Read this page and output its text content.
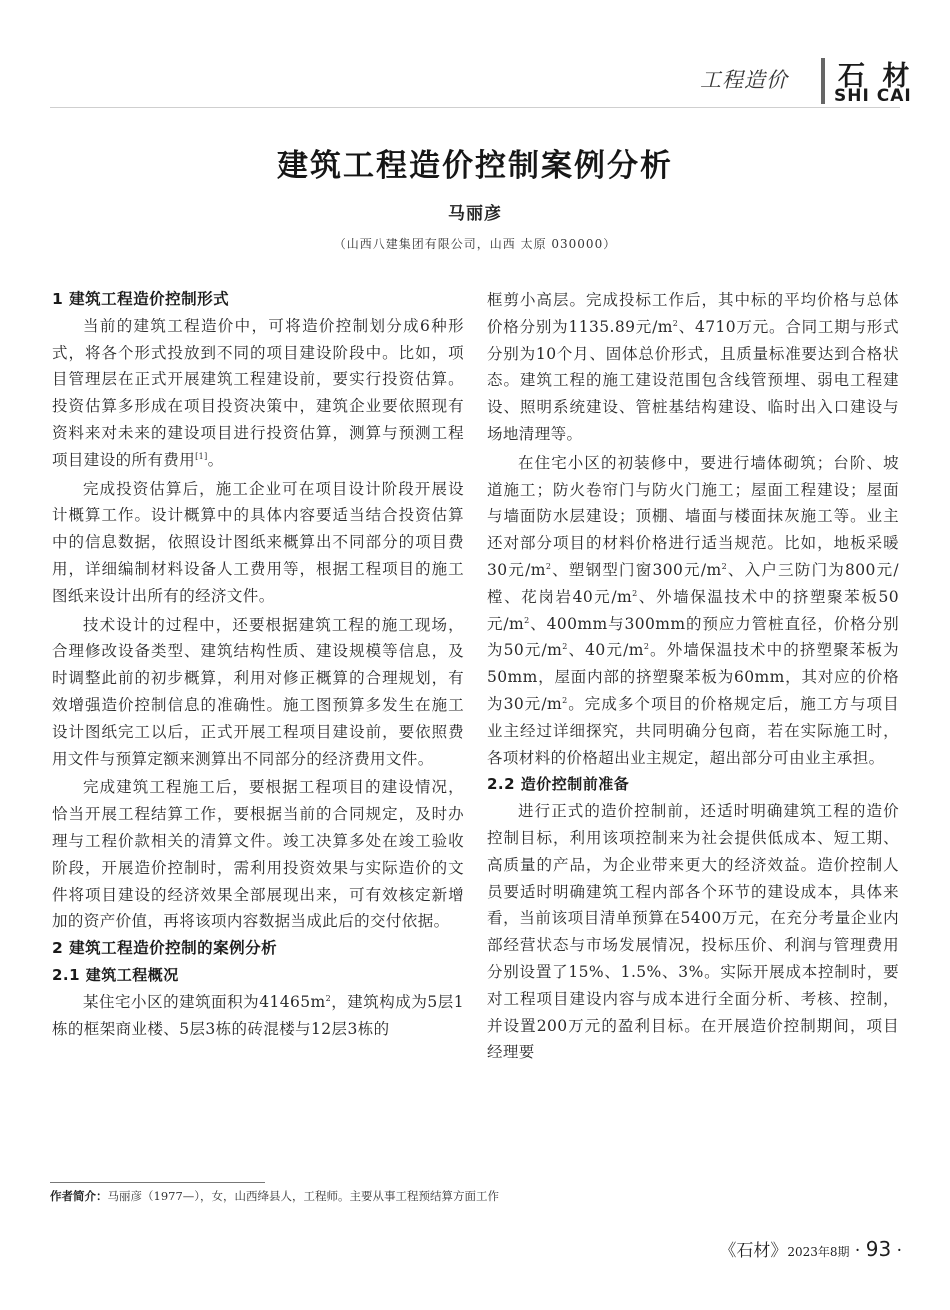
工程造价	石 材
SHI CAI
建筑工程造价控制案例分析
马丽彦
（山西八建集团有限公司，山西 太原 030000）
1 建筑工程造价控制形式

当前的建筑工程造价中，可将造价控制划分成6种形式，将各个形式投放到不同的项目建设阶段中。比如，项目管理层在正式开展建筑工程建设前，要实行投资估算。投资估算多形成在项目投资决策中，建筑企业要依照现有资料来对未来的建设项目进行投资估算，测算与预测工程项目建设的所有费用[1]。

完成投资估算后，施工企业可在项目设计阶段开展设计概算工作。设计概算中的具体内容要适当结合投资估算中的信息数据，依照设计图纸来概算出不同部分的项目费用，详细编制材料设备人工费用等，根据工程项目的施工图纸来设计出所有的经济文件。

技术设计的过程中，还要根据建筑工程的施工现场，合理修改设备类型、建筑结构性质、建设规模等信息，及时调整此前的初步概算，利用对修正概算的合理规划，有效增强造价控制信息的准确性。施工图预算多发生在施工设计图纸完工以后，正式开展工程项目建设前，要依照费用文件与预算定额来测算出不同部分的经济费用文件。

完成建筑工程施工后，要根据工程项目的建设情况，恰当开展工程结算工作，要根据当前的合同规定，及时办理与工程价款相关的清算文件。竣工决算多处在竣工验收阶段，开展造价控制时，需利用投资效果与实际造价的文件将项目建设的经济效果全部展现出来，可有效核定新增加的资产价值，再将该项内容数据当成此后的交付依据。

2 建筑工程造价控制的案例分析
2.1 建筑工程概况

某住宅小区的建筑面积为$41465m^2$，建筑构成为5层1栋的框架商业楼、5层3栋的砖混楼与12层3栋的

框剪小高层。完成投标工作后，其中标的平均价格与总体价格分别为1135.89元$/m^2$、4710万元。合同工期与形式分别为10个月、固体总价形式，且质量标准要达到合格状态。建筑工程的施工建设范围包含线管预埋、弱电工程建设、照明系统建设、管桩基结构建设、临时出入口建设与场地清理等。

在住宅小区的初装修中，要进行墙体砌筑；台阶、坡道施工；防火卷帘门与防火门施工；屋面工程建设；屋面与墙面防水层建设；顶棚、墙面与楼面抹灰施工等。业主还对部分项目的材料价格进行适当规范。比如，地板采暖30元$/m^2$、塑钢型门窗300元$/m^2$、入户三防门为800元/樘、花岗岩40元$/m^2$、外墙保温技术中的挤塑聚苯板50元$/m^2$、400mm与300mm的预应力管桩直径，价格分别为50元$/m^2$、40元$/m^2$。外墙保温技术中的挤塑聚苯板为50mm，屋面内部的挤塑聚苯板为60mm，其对应的价格为30元$/m^2$。完成多个项目的价格规定后，施工方与项目业主经过详细探究，共同明确分包商，若在实际施工时，各项材料的价格超出业主规定，超出部分可由业主承担。

2.2 造价控制前准备

进行正式的造价控制前，还适时明确建筑工程的造价控制目标，利用该项控制来为社会提供低成本、短工期、高质量的产品，为企业带来更大的经济效益。造价控制人员要适时明确建筑工程内部各个环节的建设成本，具体来看，当前该项目清单预算在5400万元，在充分考量企业内部经营状态与市场发展情况，投标压价、利润与管理费用分别设置了15%、1.5%、3%。实际开展成本控制时，要对工程项目建设内容与成本进行全面分析、考核、控制，并设置200万元的盈利目标。在开展造价控制期间，项目经理要

作者简介：马丽彦（1977—），女，山西绛县人，工程师。主要从事工程预结算方面工作
《石材》2023年8期 · 93 ·
